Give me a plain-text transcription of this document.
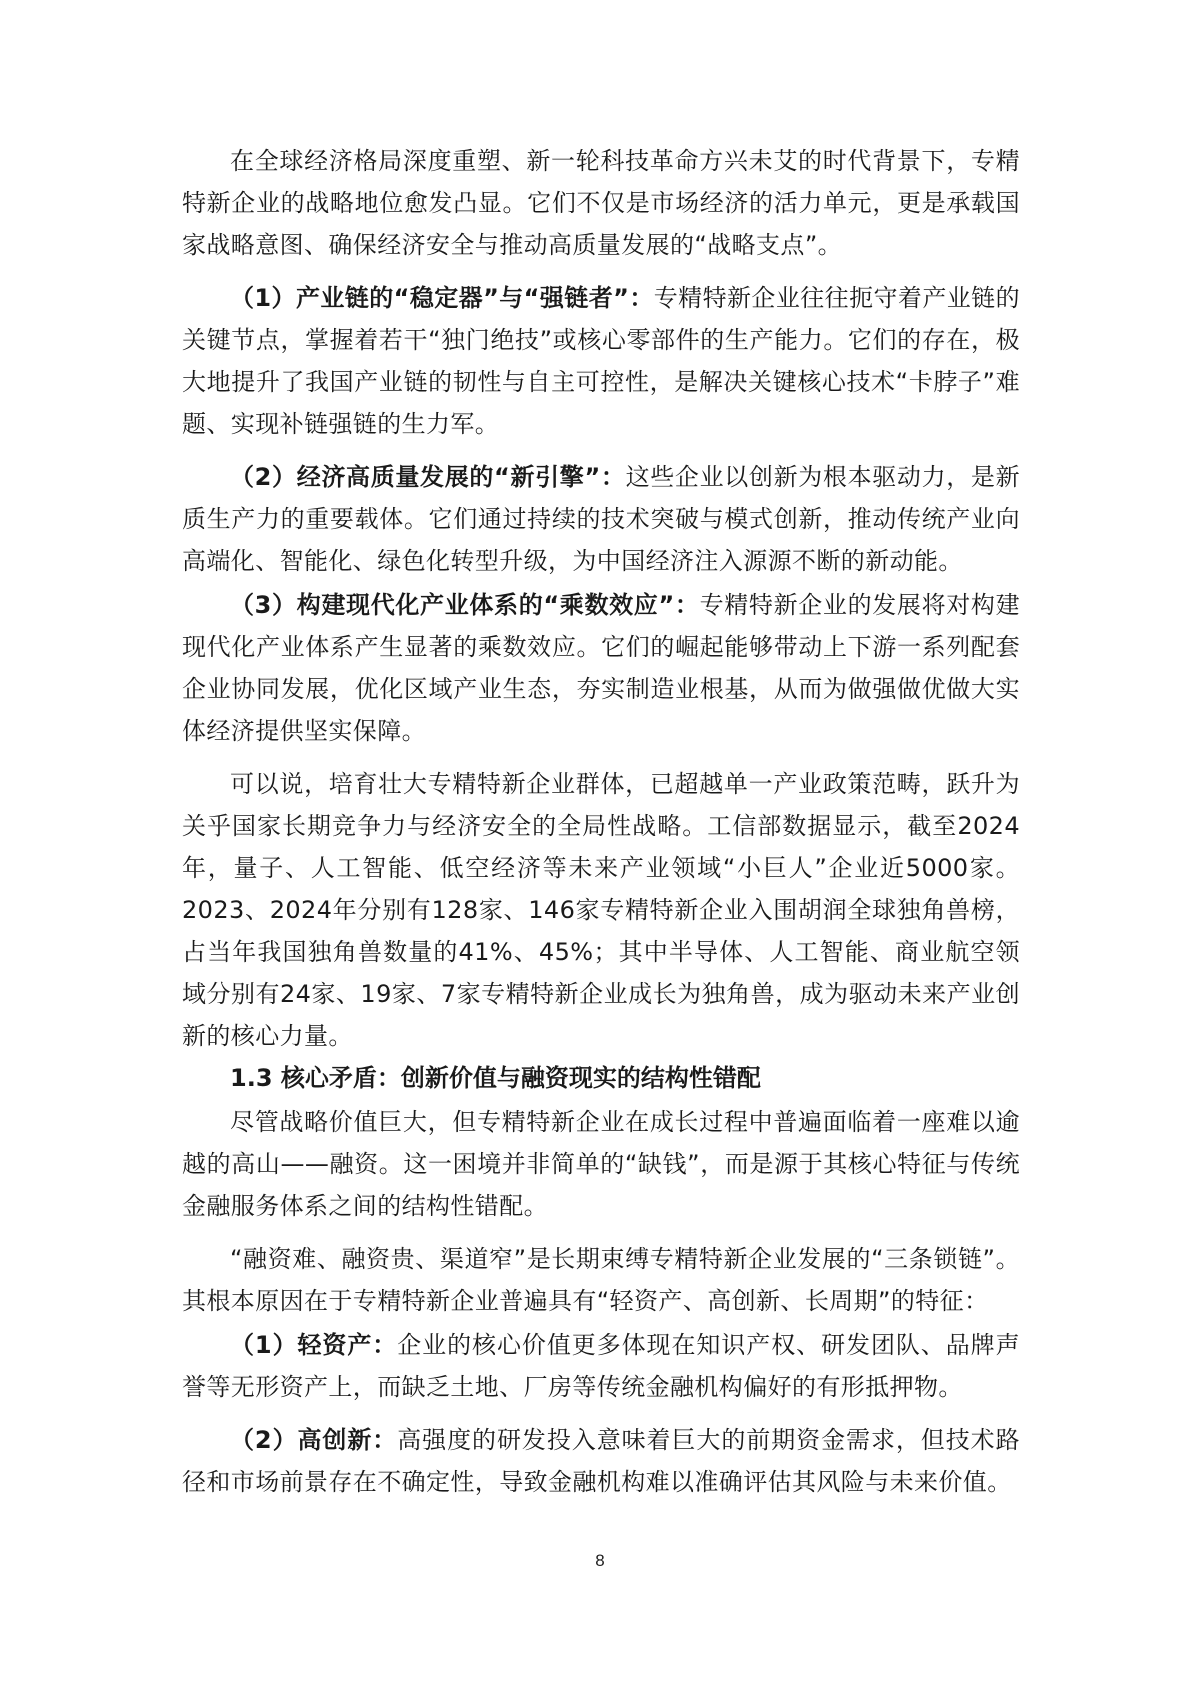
在全球经济格局深度重塑、新一轮科技革命方兴未艾的时代背景下，专精特新企业的战略地位愈发凸显。它们不仅是市场经济的活力单元，更是承载国家战略意图、确保经济安全与推动高质量发展的“战略支点”。

（1）产业链的“稳定器”与“强链者”：专精特新企业往往扼守着产业链的关键节点，掌握着若干“独门绝技”或核心零部件的生产能力。它们的存在，极大地提升了我国产业链的韧性与自主可控性，是解决关键核心技术“卡脖子”难题、实现补链强链的生力军。

（2）经济高质量发展的“新引擎”：这些企业以创新为根本驱动力，是新质生产力的重要载体。它们通过持续的技术突破与模式创新，推动传统产业向高端化、智能化、绿色化转型升级，为中国经济注入源源不断的新动能。

（3）构建现代化产业体系的“乘数效应”：专精特新企业的发展将对构建现代化产业体系产生显著的乘数效应。它们的崛起能够带动上下游一系列配套企业协同发展，优化区域产业生态，夯实制造业根基，从而为做强做优做大实体经济提供坚实保障。

可以说，培育壮大专精特新企业群体，已超越单一产业政策范畴，跃升为关乎国家长期竞争力与经济安全的全局性战略。工信部数据显示，截至2024年，量子、人工智能、低空经济等未来产业领域“小巨人”企业近5000家。2023、2024年分别有128家、146家专精特新企业入围胡润全球独角兽榜，占当年我国独角兽数量的41%、45%；其中半导体、人工智能、商业航空领域分别有24家、19家、7家专精特新企业成长为独角兽，成为驱动未来产业创新的核心力量。

1.3 核心矛盾：创新价值与融资现实的结构性错配

尽管战略价值巨大，但专精特新企业在成长过程中普遍面临着一座难以逾越的高山——融资。这一困境并非简单的“缺钱”，而是源于其核心特征与传统金融服务体系之间的结构性错配。

“融资难、融资贵、渠道窄”是长期束缚专精特新企业发展的“三条锁链”。其根本原因在于专精特新企业普遍具有“轻资产、高创新、长周期”的特征：

（1）轻资产：企业的核心价值更多体现在知识产权、研发团队、品牌声誉等无形资产上，而缺乏土地、厂房等传统金融机构偏好的有形抵押物。

（2）高创新：高强度的研发投入意味着巨大的前期资金需求，但技术路径和市场前景存在不确定性，导致金融机构难以准确评估其风险与未来价值。

8
